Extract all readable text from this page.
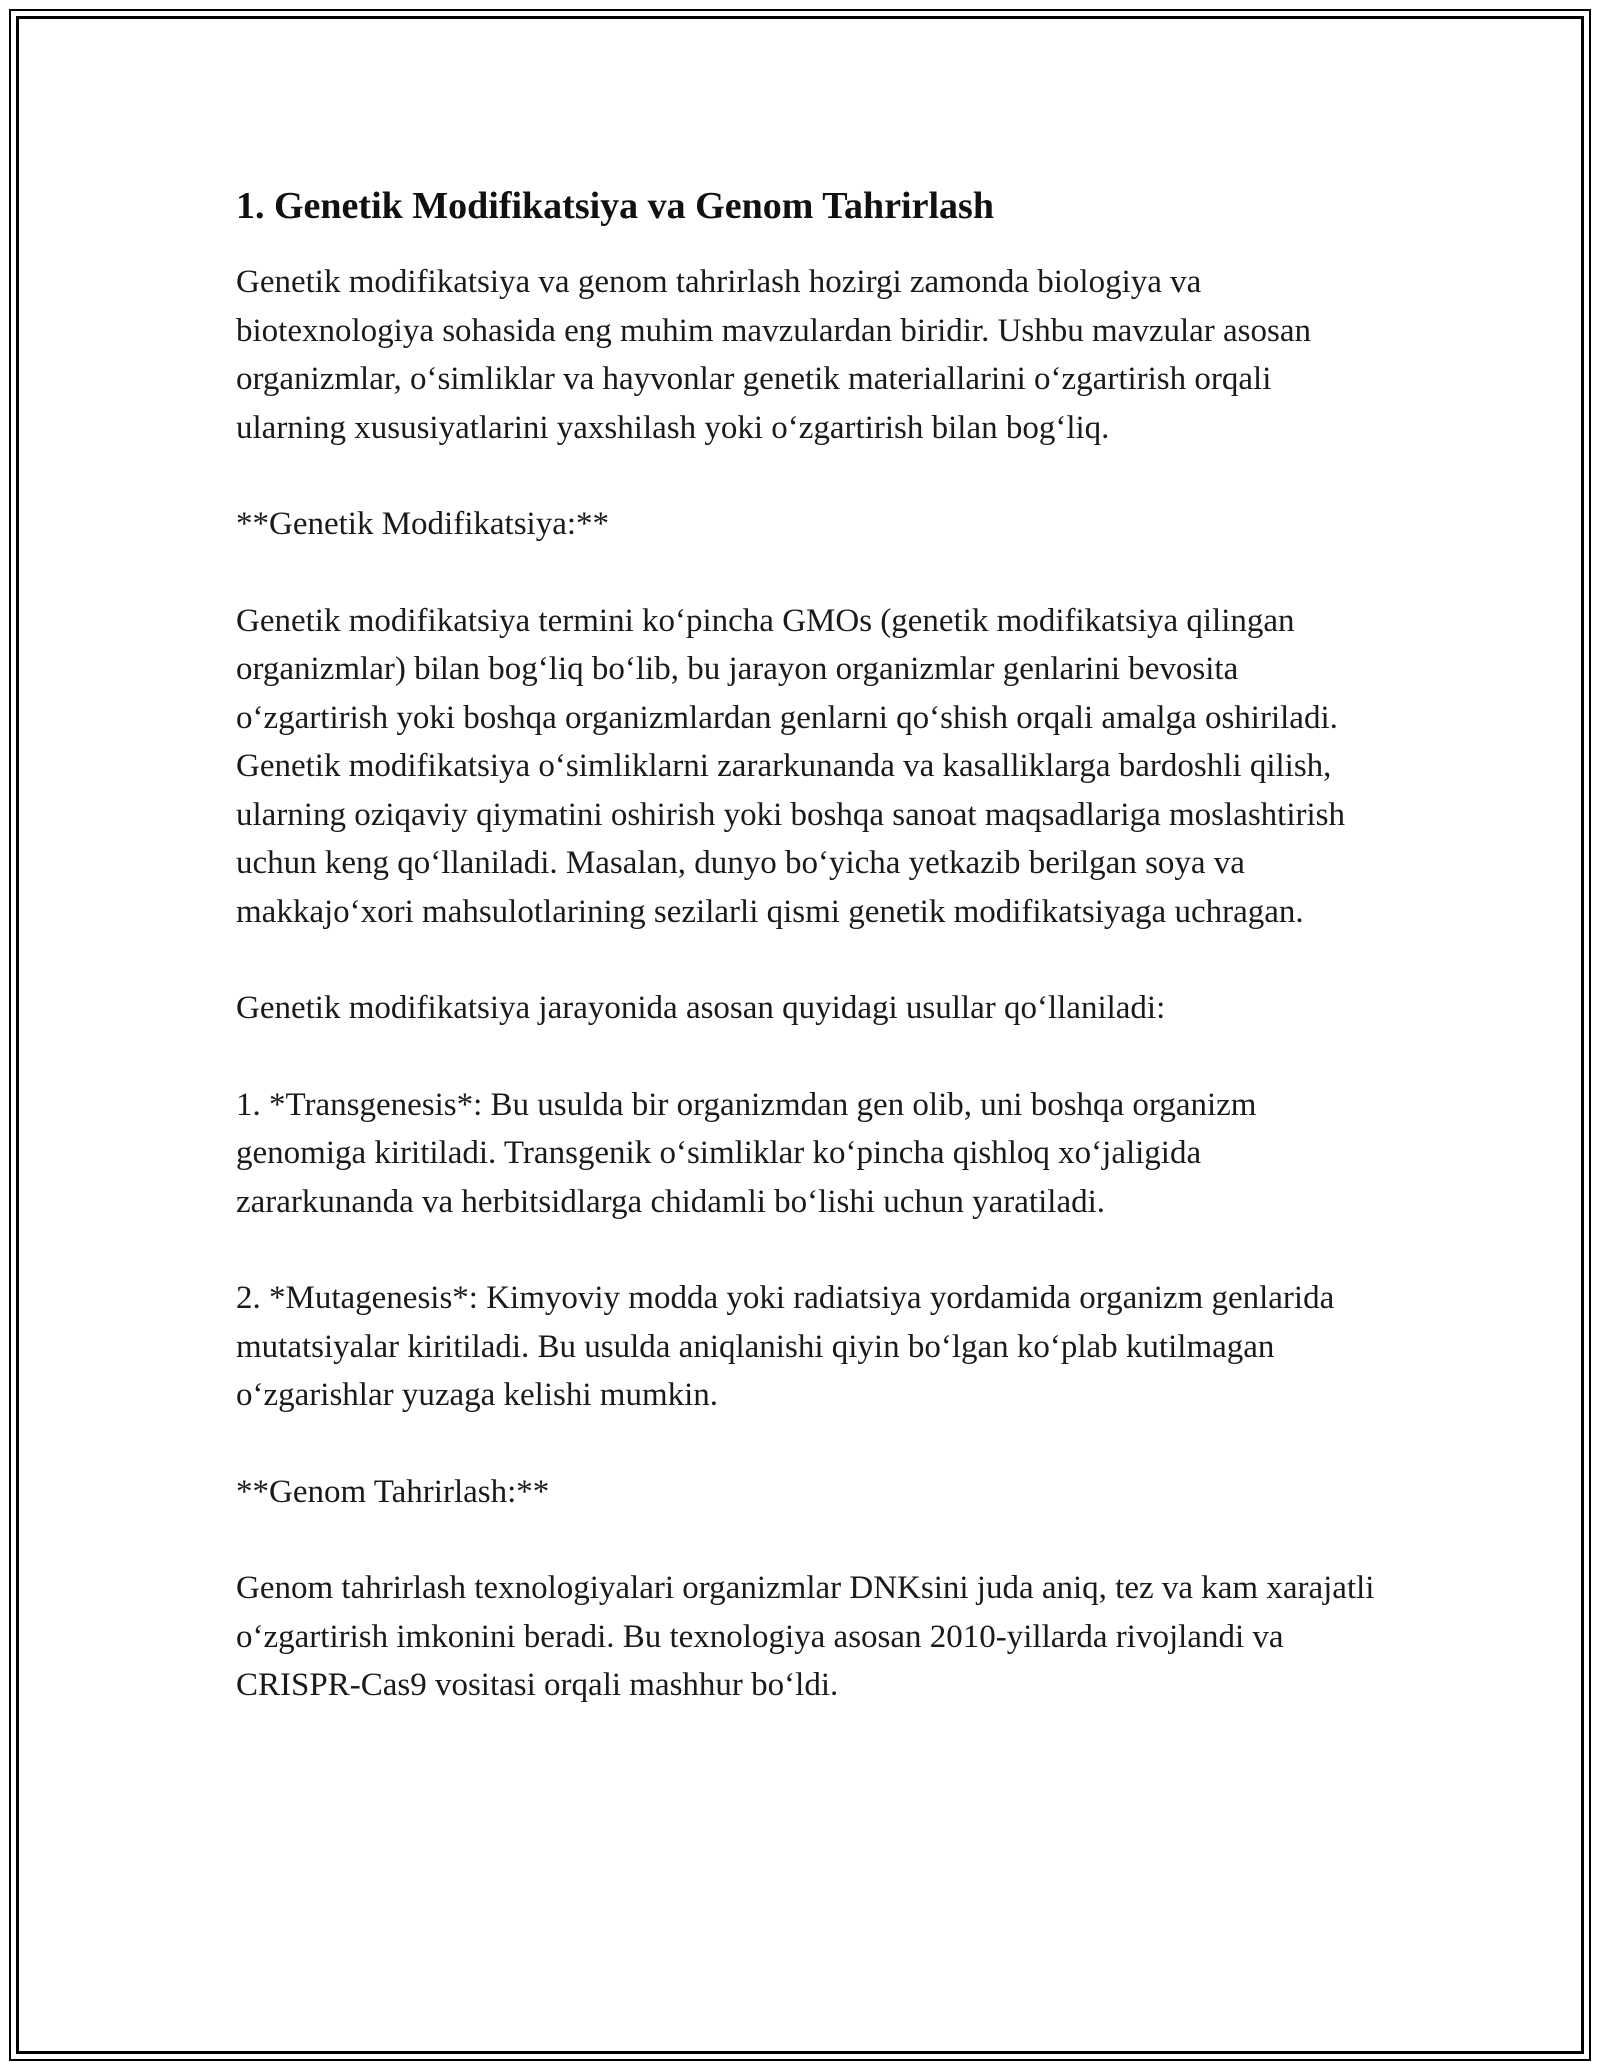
1. Genetik Modifikatsiya va Genom Tahrirlash

Genetik modifikatsiya va genom tahrirlash hozirgi zamonda biologiya va biotexnologiya sohasida eng muhim mavzulardan biridir. Ushbu mavzular asosan organizmlar, o‘simliklar va hayvonlar genetik materiallarini o‘zgartirish orqali ularning xususiyatlarini yaxshilash yoki o‘zgartirish bilan bog‘liq.

**Genetik Modifikatsiya:**

Genetik modifikatsiya termini ko‘pincha GMOs (genetik modifikatsiya qilingan organizmlar) bilan bog‘liq bo‘lib, bu jarayon organizmlar genlarini bevosita o‘zgartirish yoki boshqa organizmlardan genlarni qo‘shish orqali amalga oshiriladi. Genetik modifikatsiya o‘simliklarni zararkunanda va kasalliklarga bardoshli qilish, ularning oziqaviy qiymatini oshirish yoki boshqa sanoat maqsadlariga moslashtirish uchun keng qo‘llaniladi. Masalan, dunyo bo‘yicha yetkazib berilgan soya va makkajo‘xori mahsulotlarining sezilarli qismi genetik modifikatsiyaga uchragan.

Genetik modifikatsiya jarayonida asosan quyidagi usullar qo‘llaniladi:

1. *Transgenesis*: Bu usulda bir organizmdan gen olib, uni boshqa organizm genomiga kiritiladi. Transgenik o‘simliklar ko‘pincha qishloq xo‘jaligida zararkunanda va herbitsidlarga chidamli bo‘lishi uchun yaratiladi.

2. *Mutagenesis*: Kimyoviy modda yoki radiatsiya yordamida organizm genlarida mutatsiyalar kiritiladi. Bu usulda aniqlanishi qiyin bo‘lgan ko‘plab kutilmagan o‘zgarishlar yuzaga kelishi mumkin.

**Genom Tahrirlash:**

Genom tahrirlash texnologiyalari organizmlar DNKsini juda aniq, tez va kam xarajatli o‘zgartirish imkonini beradi. Bu texnologiya asosan 2010-yillarda rivojlandi va CRISPR-Cas9 vositasi orqali mashhur bo‘ldi.
